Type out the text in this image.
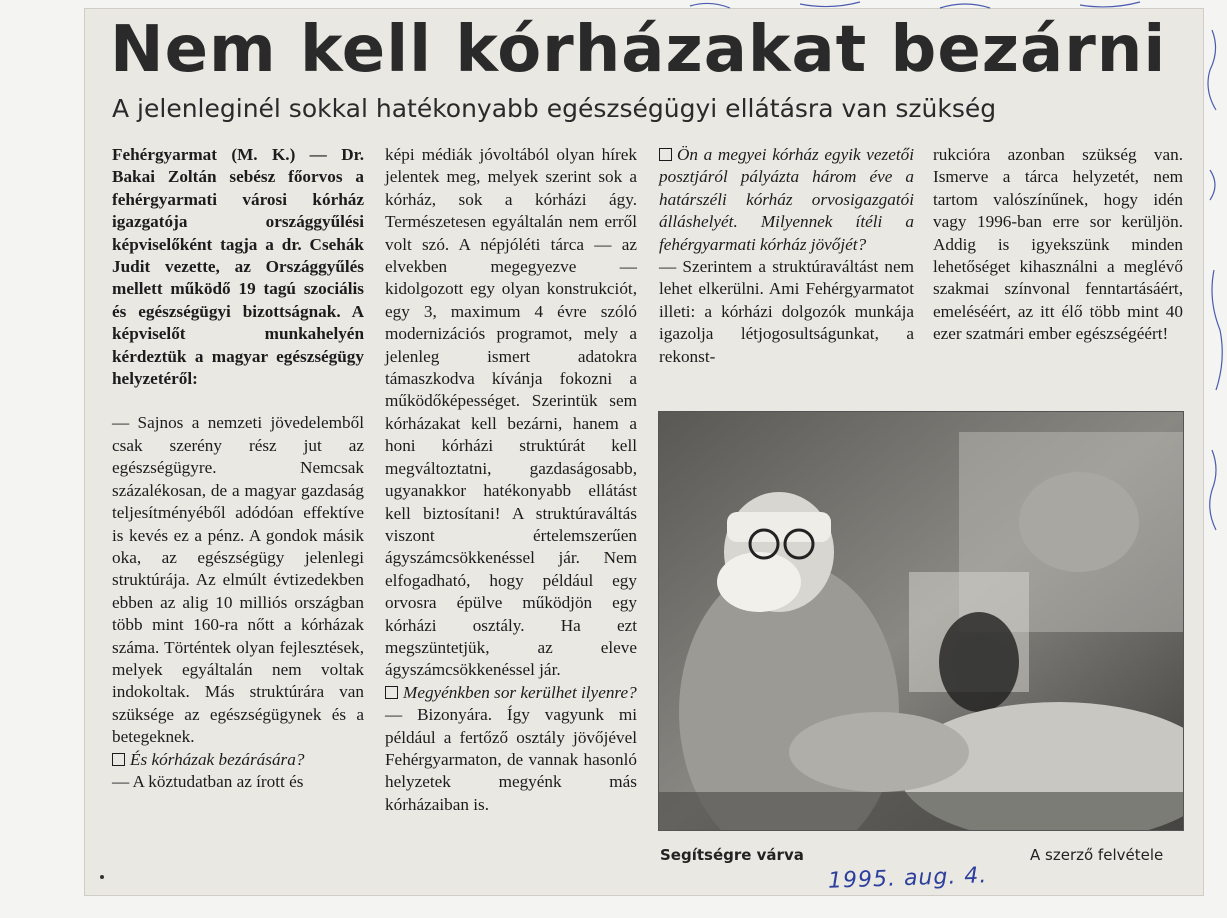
Nem kell kórházakat bezárni
A jelenleginél sokkal hatékonyabb egészségügyi ellátásra van szükség

Fehérgyarmat (M. K.) — Dr. Bakai Zoltán sebész főorvos a fehérgyarmati városi kórház igazgatója országgyűlési képviselőként tagja a dr. Csehák Judit vezette, az Országgyűlés mellett működő 19 tagú szociális és egészségügyi bizottságnak. A képviselőt munkahelyén kérdeztük a magyar egészségügy helyzetéről:

— Sajnos a nemzeti jövedelemből csak szerény rész jut az egészségügyre. Nemcsak százalékosan, de a magyar gazdaság teljesítményéből adódóan effektíve is kevés ez a pénz. A gondok másik oka, az egészségügy jelenlegi struktúrája. Az elmúlt évtizedekben ebben az alig 10 milliós országban több mint 160-ra nőtt a kórházak száma. Történtek olyan fejlesztések, melyek egyáltalán nem voltak indokoltak. Más struktúrára van szüksége az egészségügynek és a betegeknek.

És kórházak bezárására?

— A köztudatban az írott és

képi médiák jóvoltából olyan hírek jelentek meg, melyek szerint sok a kórház, sok a kórházi ágy. Természetesen egyáltalán nem erről volt szó. A népjóléti tárca — az elvekben megegyezve — kidolgozott egy olyan konstrukciót, egy 3, maximum 4 évre szóló modernizációs programot, mely a jelenleg ismert adatokra támaszkodva kívánja fokozni a működőképességet. Szerintük sem kórházakat kell bezárni, hanem a honi kórházi struktúrát kell megváltoztatni, gazdaságosabb, ugyanakkor hatékonyabb ellátást kell biztosítani! A struktúraváltás viszont értelemszerűen ágyszámcsökkenéssel jár. Nem elfogadható, hogy például egy orvosra épülve működjön egy kórházi osztály. Ha ezt megszüntetjük, az eleve ágyszámcsökkenéssel jár.

Megyénkben sor kerülhet ilyenre?

— Bizonyára. Így vagyunk mi például a fertőző osztály jövőjével Fehérgyarmaton, de vannak hasonló helyzetek megyénk más kórházaiban is.

Ön a megyei kórház egyik vezetői posztjáról pályázta három éve a határszéli kórház orvosigazgatói álláshelyét. Milyennek ítéli a fehérgyarmati kórház jövőjét?

— Szerintem a struktúraváltást nem lehet elkerülni. Ami Fehérgyarmatot illeti: a kórházi dolgozók munkája igazolja létjogosultságunkat, a rekonst-

rukcióra azonban szükség van. Ismerve a tárca helyzetét, nem tartom valószínűnek, hogy idén vagy 1996-ban erre sor kerüljön. Addig is igyekszünk minden lehetőséget kihasználni a meglévő szakmai színvonal fenntartásáért, emeléséért, az itt élő több mint 40 ezer szatmári ember egészségéért!

Segítségre várva	A szerző felvétele
1995. aug. 4.
